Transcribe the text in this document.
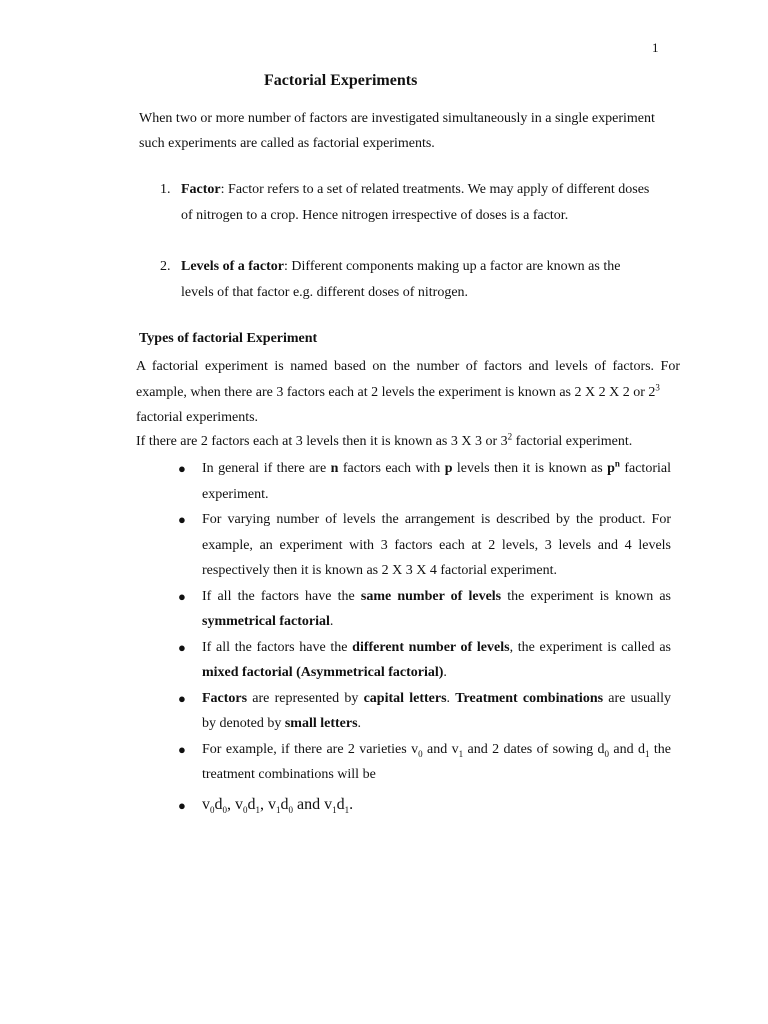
1
Factorial Experiments
When two or more number of factors are investigated simultaneously in a single experiment
such experiments are called as factorial experiments.
1. Factor: Factor refers to a set of related treatments. We may apply of different doses
of nitrogen to a crop. Hence nitrogen irrespective of doses is a factor.
2. Levels of a factor: Different components making up a factor are known as the
levels of that factor e.g. different doses of nitrogen.
Types of factorial Experiment

A factorial experiment is named based on the number of factors and levels of factors. For example, when there are 3 factors each at 2 levels the experiment is known as 2 X 2 X 2 or $2^3$
factorial experiments.

If there are 2 factors each at 3 levels then it is known as 3 X 3 or $3^2$ factorial experiment.

● In general if there are n factors each with p levels then it is known as $p^n$ factorial experiment.
● For varying number of levels the arrangement is described by the product. For example, an experiment with 3 factors each at 2 levels, 3 levels and 4 levels respectively then it is known as 2 X 3 X 4 factorial experiment.
● If all the factors have the same number of levels the experiment is known as symmetrical factorial.
● If all the factors have the different number of levels, the experiment is called as mixed factorial (Asymmetrical factorial).
● Factors are represented by capital letters. Treatment combinations are usually by denoted by small letters.
● For example, if there are 2 varieties $v_0$ and $v_1$ and 2 dates of sowing $d_0$ and $d_1$ the treatment combinations will be
● $v_0d_0$, $v_0d_1$, $v_1d_0$ and $v_1d_1$.
